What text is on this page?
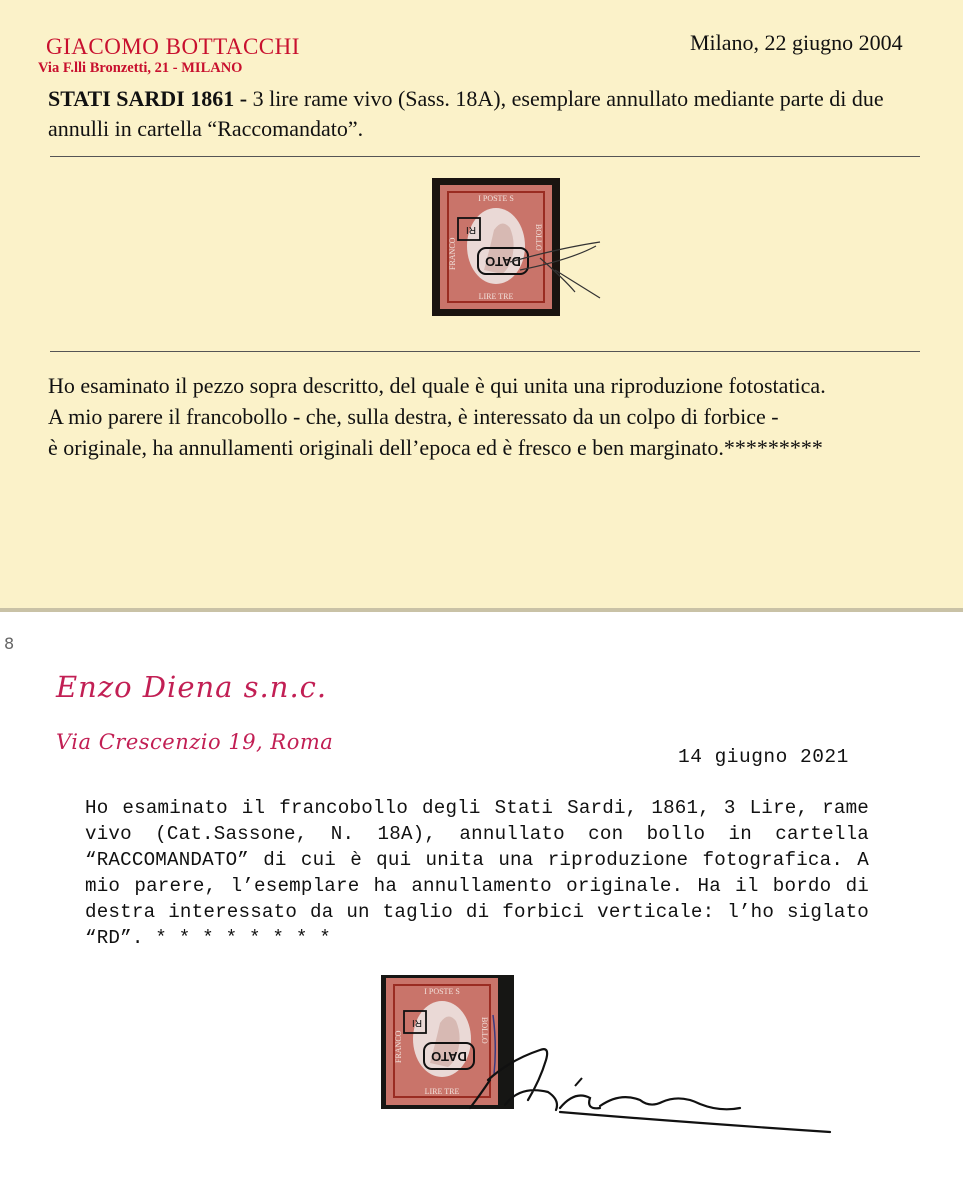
GIACOMO BOTTACCHI
Via F.lli Bronzetti, 21 - MILANO
Milano, 22 giugno 2004
STATI SARDI 1861 - 3 lire rame vivo (Sass. 18A), esemplare annullato mediante parte di due annulli in cartella “Raccomandato”.
I POSTE S
LIRE TRE
FRANCO
BOLLO
RI
DATO

Ho esaminato il pezzo sopra descritto, del quale è qui unita una riproduzione fotostatica.

A mio parere il francobollo - che, sulla destra, è interessato da un colpo di forbice -

è originale, ha annullamenti originali dell’epoca ed è fresco e ben marginato.*********

8
Enzo Diena s.n.c.
Via Crescenzio 19, Roma
14 giugno 2021

Ho esaminato il francobollo degli Stati Sardi, 1861, 3 Lire, rame vivo (Cat.Sassone, N. 18A), annullato con bollo in cartella “RACCOMANDATO” di cui è qui unita una riproduzione fotografica. A mio parere, l’esemplare ha annullamento originale. Ha il bordo di destra interessato da un taglio di forbici verticale: l’ho siglato “RD”. * * * * * * * *

I POSTE S
LIRE TRE
FRANCO
BOLLO
RI
DATO
